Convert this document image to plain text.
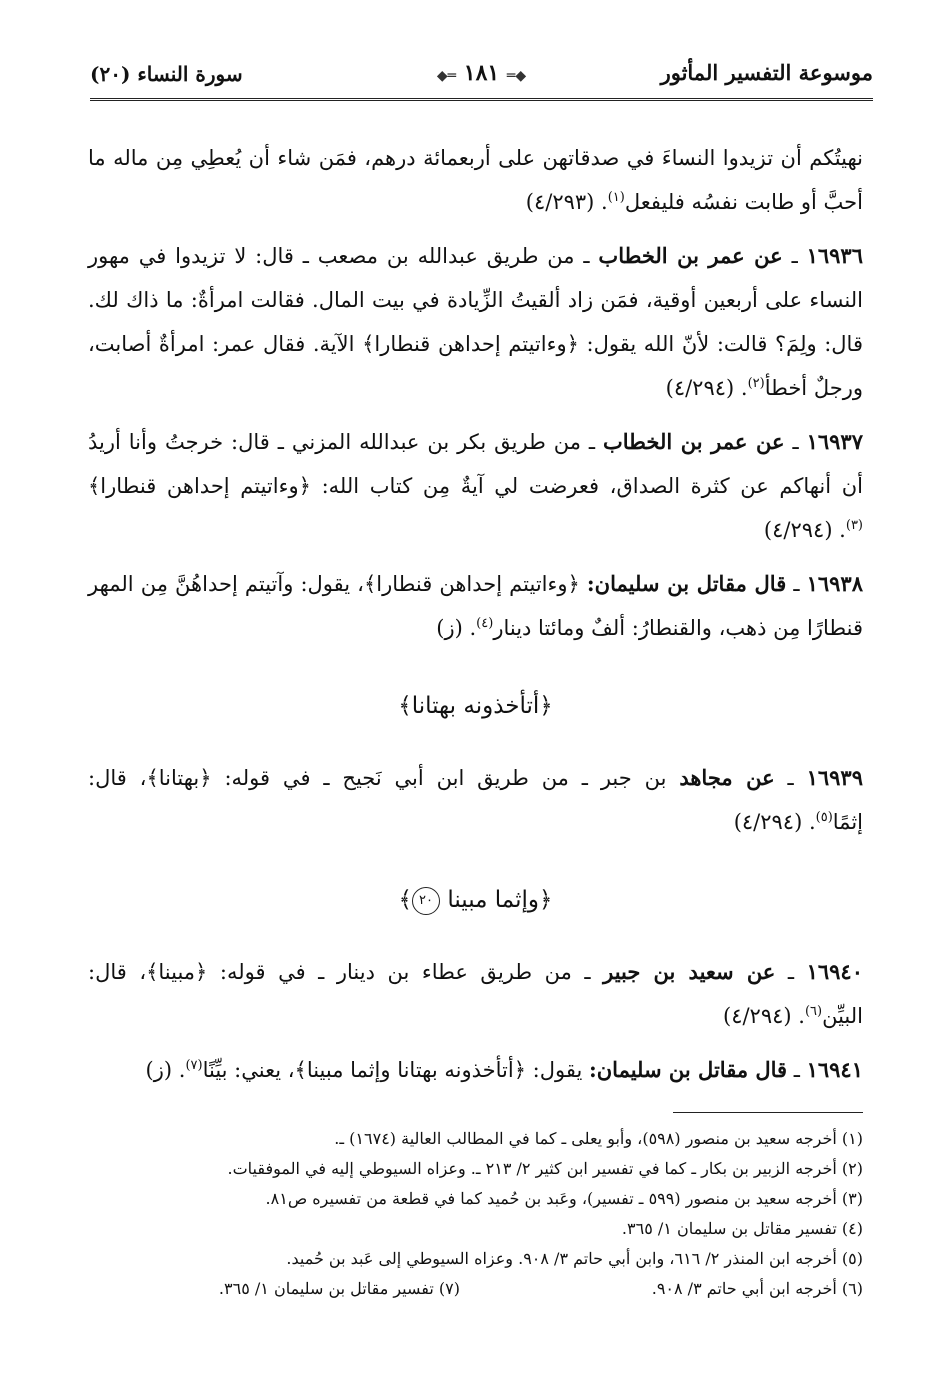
موسوعة التفسير المأثور
◆═ ١٨١ ═◆
سورة النساء (٢٠)

نهيتُكم أن تزيدوا النساءَ في صدقاتهن على أربعمائة درهم، فمَن شاء أن يُعطِي مِن ماله ما أحبَّ أو طابت نفسُه فليفعل$^{(١)}$. (٤/٢٩٣)

١٦٩٣٦ ـ عن عمر بن الخطاب ـ من طريق عبدالله بن مصعب ـ قال: لا تزيدوا في مهور النساء على أربعين أوقية، فمَن زاد ألقيتُ الزِّيادة في بيت المال. فقالت امرأةٌ: ما ذاك لك. قال: ولِمَ؟ قالت: لأنّ الله يقول: ﴿وءاتيتم إحداهن قنطارا﴾ الآية. فقال عمر: امرأةٌ أصابت، ورجلٌ أخطأ$^{(٢)}$. (٤/٢٩٤)

١٦٩٣٧ ـ عن عمر بن الخطاب ـ من طريق بكر بن عبدالله المزني ـ قال: خرجتُ وأنا أريدُ أن أنهاكم عن كثرة الصداق، فعرضت لي آيةٌ مِن كتاب الله: ﴿وءاتيتم إحداهن قنطارا﴾$^{(٣)}$. (٤/٢٩٤)

١٦٩٣٨ ـ قال مقاتل بن سليمان: ﴿وءاتيتم إحداهن قنطارا﴾، يقول: وآتيتم إحداهُنَّ مِن المهر قنطارًا مِن ذهب، والقنطارُ: ألفٌ ومائتا دينار$^{(٤)}$. (ز)

﴿أتأخذونه بهتانا﴾

١٦٩٣٩ ـ عن مجاهد بن جبر ـ من طريق ابن أبي نَجيح ـ في قوله: ﴿بهتانا﴾، قال: إثمًا$^{(٥)}$. (٤/٢٩٤)

﴿وإثما مبينا ٢٠﴾

١٦٩٤٠ ـ عن سعيد بن جبير ـ من طريق عطاء بن دينار ـ في قوله: ﴿مبينا﴾، قال: البيِّن$^{(٦)}$. (٤/٢٩٤)

١٦٩٤١ ـ قال مقاتل بن سليمان: يقول: ﴿أتأخذونه بهتانا وإثما مبينا﴾، يعني: بيِّنًا$^{(٧)}$. (ز)

(١) أخرجه سعيد بن منصور (٥٩٨)، وأبو يعلى ـ كما في المطالب العالية (١٦٧٤) ـ.
(٢) أخرجه الزبير بن بكار ـ كما في تفسير ابن كثير ٢/ ٢١٣ ـ. وعزاه السيوطي إليه في الموفقيات.
(٣) أخرجه سعيد بن منصور (٥٩٩ ـ تفسير)، وعَبد بن حُميد كما في قطعة من تفسيره ص٨١.
(٤) تفسير مقاتل بن سليمان ١/ ٣٦٥.
(٥) أخرجه ابن المنذر ٢/ ٦١٦، وابن أبي حاتم ٣/ ٩٠٨. وعزاه السيوطي إلى عَبد بن حُميد.
(٦) أخرجه ابن أبي حاتم ٣/ ٩٠٨.
(٧) تفسير مقاتل بن سليمان ١/ ٣٦٥.
